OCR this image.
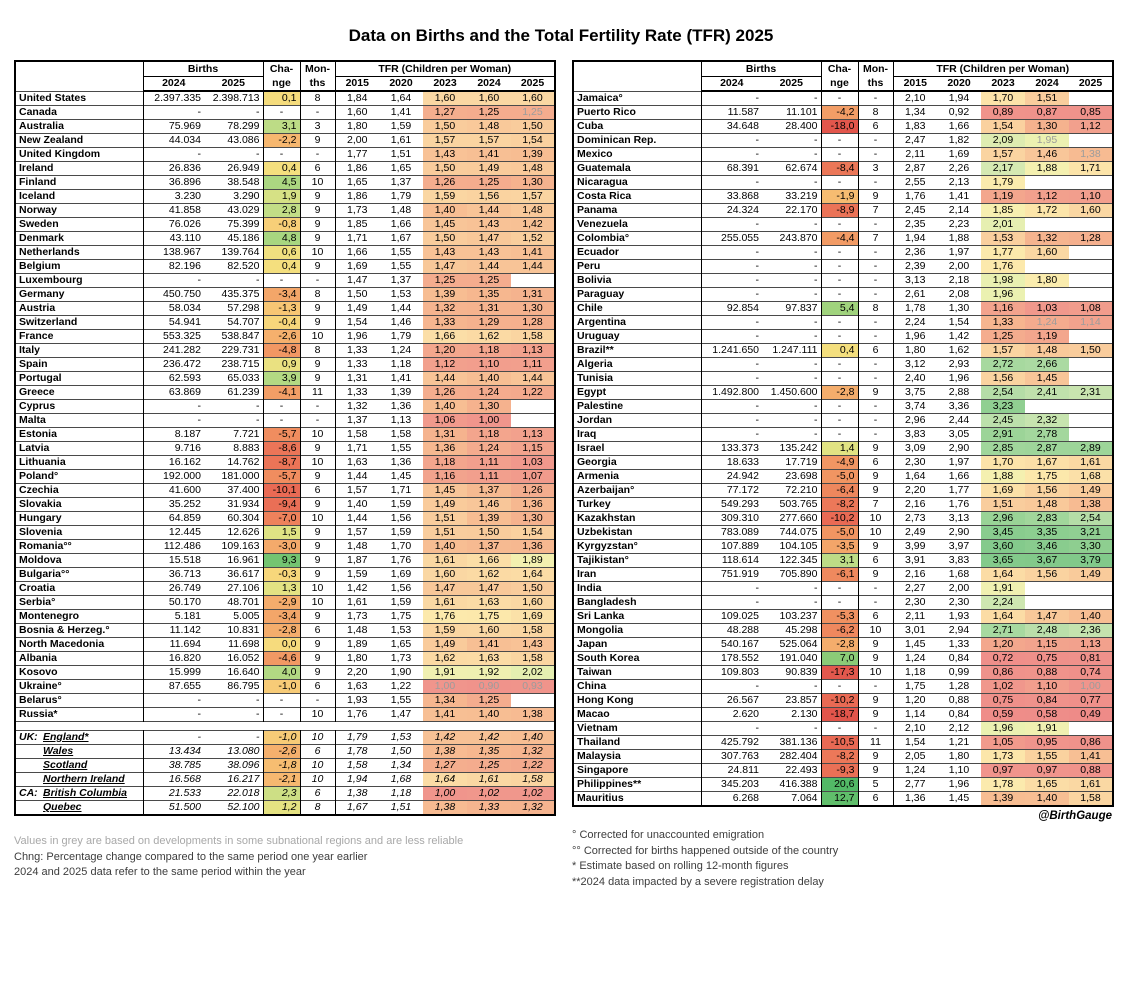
Data on Births and the Total Fertility Rate (TFR) 2025
	Births		Cha-	Mon-	TFR (Children per Woman)				
	2024	2025	nge	ths	2015	2020	2023	2024	2025
United States	2.397.335	2.398.713	0,1	8	1,84	1,64	1,60	1,60	1,60
Canada	-	-	-	-	1,60	1,41	1,27	1,25	1,25
Australia	75.969	78.299	3,1	3	1,80	1,59	1,50	1,48	1,50
New Zealand	44.034	43.086	-2,2	9	2,00	1,61	1,57	1,57	1,54
United Kingdom	-	-	-	-	1,77	1,51	1,43	1,41	1,39
Ireland	26.836	26.949	0,4	6	1,86	1,65	1,50	1,49	1,48
Finland	36.896	38.548	4,5	10	1,65	1,37	1,26	1,25	1,30
Iceland	3.230	3.290	1,9	9	1,86	1,79	1,59	1,56	1,57
Norway	41.858	43.029	2,8	9	1,73	1,48	1,40	1,44	1,48
Sweden	76.026	75.399	-0,8	9	1,85	1,66	1,45	1,43	1,42
Denmark	43.110	45.186	4,8	9	1,71	1,67	1,50	1,47	1,52
Netherlands	138.967	139.764	0,6	10	1,66	1,55	1,43	1,43	1,41
Belgium	82.196	82.520	0,4	9	1,69	1,55	1,47	1,44	1,44
Luxembourg	-	-	-	-	1,47	1,37	1,25	1,25	
Germany	450.750	435.375	-3,4	8	1,50	1,53	1,39	1,35	1,31
Austria	58.034	57.298	-1,3	9	1,49	1,44	1,32	1,31	1,30
Switzerland	54.941	54.707	-0,4	9	1,54	1,46	1,33	1,29	1,28
France	553.325	538.847	-2,6	10	1,96	1,79	1,66	1,62	1,58
Italy	241.282	229.731	-4,8	8	1,33	1,24	1,20	1,18	1,13
Spain	236.472	238.715	0,9	9	1,33	1,18	1,12	1,10	1,11
Portugal	62.593	65.033	3,9	9	1,31	1,41	1,44	1,40	1,44
Greece	63.869	61.239	-4,1	11	1,33	1,39	1,26	1,24	1,22
Cyprus	-	-	-	-	1,32	1,36	1,40	1,30	
Malta	-	-	-	-	1,37	1,13	1,06	1,00	
Estonia	8.187	7.721	-5,7	10	1,58	1,58	1,31	1,18	1,13
Latvia	9.716	8.883	-8,6	9	1,71	1,55	1,36	1,24	1,15
Lithuania	16.162	14.762	-8,7	10	1,63	1,36	1,18	1,11	1,03
Poland°	192.000	181.000	-5,7	9	1,44	1,45	1,16	1,11	1,07
Czechia	41.600	37.400	-10,1	6	1,57	1,71	1,45	1,37	1,26
Slovakia	35.252	31.934	-9,4	9	1,40	1,59	1,49	1,46	1,36
Hungary	64.859	60.304	-7,0	10	1,44	1,56	1,51	1,39	1,30
Slovenia	12.445	12.626	1,5	9	1,57	1,59	1,51	1,50	1,54
Romania°°	112.486	109.163	-3,0	9	1,48	1,70	1,40	1,37	1,36
Moldova	15.518	16.961	9,3	9	1,87	1,76	1,61	1,66	1,89
Bulgaria°°	36.713	36.617	-0,3	9	1,59	1,69	1,60	1,62	1,64
Croatia	26.749	27.106	1,3	10	1,42	1,56	1,47	1,47	1,50
Serbia°	50.170	48.701	-2,9	10	1,61	1,59	1,61	1,63	1,60
Montenegro	5.181	5.005	-3,4	9	1,73	1,75	1,76	1,75	1,69
Bosnia & Herzeg.°	11.142	10.831	-2,8	6	1,48	1,53	1,59	1,60	1,58
North Macedonia	11.694	11.698	0,0	9	1,89	1,65	1,49	1,41	1,43
Albania	16.820	16.052	-4,6	9	1,80	1,73	1,62	1,63	1,58
Kosovo	15.999	16.640	4,0	9	2,20	1,90	1,91	1,92	2,02
Ukraine°	87.655	86.795	-1,0	6	1,63	1,22	1,00	0,90	0,93
Belarus°	-	-	-	-	1,93	1,55	1,34	1,25	
Russia*	-	-	-	10	1,76	1,47	1,41	1,40	1,38

UK: England*	-	-	-1,0	10	1,79	1,53	1,42	1,42	1,40
Wales	13.434	13.080	-2,6	6	1,78	1,50	1,38	1,35	1,32
Scotland	38.785	38.096	-1,8	10	1,58	1,34	1,27	1,25	1,22
Northern Ireland	16.568	16.217	-2,1	10	1,94	1,68	1,64	1,61	1,58
CA: British Columbia	21.533	22.018	2,3	6	1,38	1,18	1,00	1,02	1,02
Quebec	51.500	52.100	1,2	8	1,67	1,51	1,38	1,33	1,32
Values in grey are based on developments in some subnational regions and are less reliable
Chng: Percentage change compared to the same period one year earlier
2024 and 2025 data refer to the same period within the year
	Births		Cha-	Mon-	TFR (Children per Woman)				
	2024	2025	nge	ths	2015	2020	2023	2024	2025
Jamaica°	-	-	-	-	2,10	1,94	1,70	1,51	
Puerto Rico	11.587	11.101	-4,2	8	1,34	0,92	0,89	0,87	0,85
Cuba	34.648	28.400	-18,0	6	1,83	1,66	1,54	1,30	1,12
Dominican Rep.	-	-	-	-	2,47	1,82	2,09	1,95	
Mexico	-	-	-	-	2,11	1,69	1,57	1,46	1,38
Guatemala	68.391	62.674	-8,4	3	2,87	2,26	2,17	1,88	1,71
Nicaragua	-	-	-	-	2,55	2,13	1,79		
Costa Rica	33.868	33.219	-1,9	9	1,76	1,41	1,19	1,12	1,10
Panama	24.324	22.170	-8,9	7	2,45	2,14	1,85	1,72	1,60
Venezuela	-	-	-	-	2,35	2,23	2,01		
Colombia°	255.055	243.870	-4,4	7	1,94	1,88	1,53	1,32	1,28
Ecuador	-	-	-	-	2,36	1,97	1,77	1,60	
Peru	-	-	-	-	2,39	2,00	1,76		
Bolivia	-	-	-	-	3,13	2,18	1,98	1,80	
Paraguay	-	-	-	-	2,61	2,08	1,96		
Chile	92.854	97.837	5,4	8	1,78	1,30	1,16	1,03	1,08
Argentina	-	-	-	-	2,24	1,54	1,33	1,24	1,14
Uruguay	-	-	-	-	1,96	1,42	1,25	1,19	
Brazil**	1.241.650	1.247.111	0,4	6	1,80	1,62	1,57	1,48	1,50
Algeria	-	-	-	-	3,12	2,93	2,72	2,66	
Tunisia	-	-	-	-	2,40	1,96	1,56	1,45	
Egypt	1.492.800	1.450.600	-2,8	9	3,75	2,88	2,54	2,41	2,31
Palestine	-	-	-	-	3,74	3,36	3,23		
Jordan	-	-	-	-	2,96	2,44	2,45	2,32	
Iraq	-	-	-	-	3,83	3,05	2,91	2,78	
Israel	133.373	135.242	1,4	9	3,09	2,90	2,85	2,87	2,89
Georgia	18.633	17.719	-4,9	6	2,30	1,97	1,70	1,67	1,61
Armenia	24.942	23.698	-5,0	9	1,64	1,66	1,88	1,75	1,68
Azerbaijan°	77.172	72.210	-6,4	9	2,20	1,77	1,69	1,56	1,49
Turkey	549.293	503.765	-8,2	7	2,16	1,76	1,51	1,48	1,38
Kazakhstan	309.310	277.660	-10,2	10	2,73	3,13	2,96	2,83	2,54
Uzbekistan	783.089	744.075	-5,0	10	2,49	2,90	3,45	3,35	3,21
Kyrgyzstan°	107.889	104.105	-3,5	9	3,99	3,97	3,60	3,46	3,30
Tajikistan°	118.614	122.345	3,1	6	3,91	3,83	3,65	3,67	3,79
Iran	751.919	705.890	-6,1	9	2,16	1,68	1,64	1,56	1,49
India	-	-	-	-	2,27	2,00	1,91		
Bangladesh	-	-	-	-	2,30	2,30	2,24		
Sri Lanka	109.025	103.237	-5,3	6	2,11	1,93	1,64	1,47	1,40
Mongolia	48.288	45.298	-6,2	10	3,01	2,94	2,71	2,48	2,36
Japan	540.167	525.064	-2,8	9	1,45	1,33	1,20	1,15	1,13
South Korea	178.552	191.040	7,0	9	1,24	0,84	0,72	0,75	0,81
Taiwan	109.803	90.839	-17,3	10	1,18	0,99	0,86	0,88	0,74
China	-	-	-	-	1,75	1,28	1,02	1,10	1,00
Hong Kong	26.567	23.857	-10,2	9	1,20	0,88	0,75	0,84	0,77
Macao	2.620	2.130	-18,7	9	1,14	0,84	0,59	0,58	0,49
Vietnam	-	-	-	-	2,10	2,12	1,96	1,91	
Thailand	425.792	381.136	-10,5	11	1,54	1,21	1,05	0,95	0,86
Malaysia	307.763	282.404	-8,2	9	2,05	1,80	1,73	1,55	1,41
Singapore	24.811	22.493	-9,3	9	1,24	1,10	0,97	0,97	0,88
Philippines**	345.203	416.388	20,6	5	2,77	1,96	1,78	1,65	1,61
Mauritius	6.268	7.064	12,7	6	1,36	1,45	1,39	1,40	1,58
@BirthGauge
° Corrected for unaccounted emigration
°° Corrected for births happened outside of the country
* Estimate based on rolling 12-month figures
**2024 data impacted by a severe registration delay
